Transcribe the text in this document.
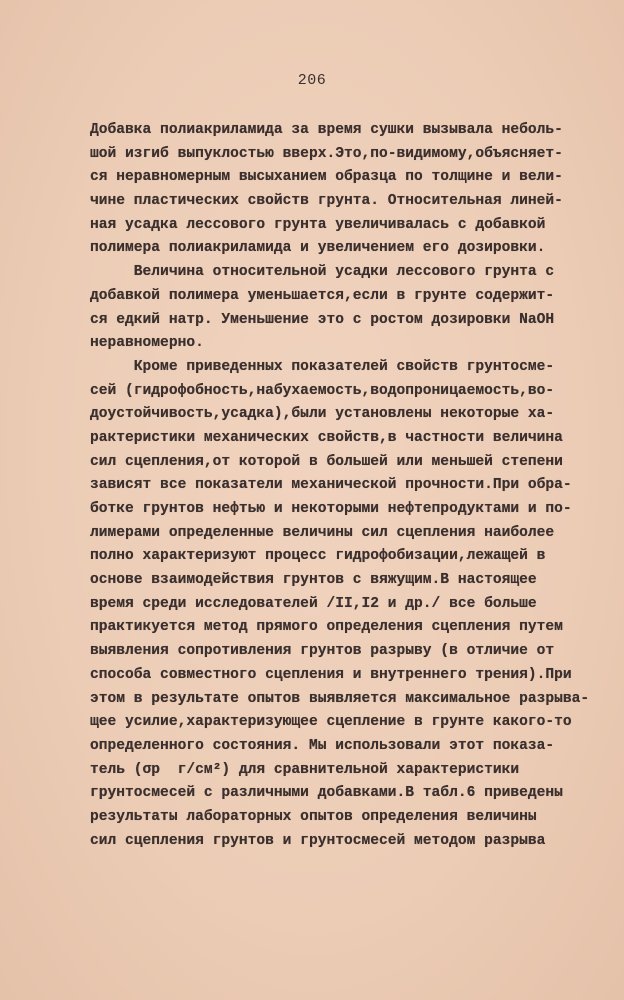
206
Добавка полиакриламида за время сушки вызывала неболь-
шой изгиб выпуклостью вверх.Это,по-видимому,объясняет-
ся неравномерным высыханием образца по толщине и вели-
чине пластических свойств грунта. Относительная линей-
ная усадка лессового грунта увеличивалась с добавкой
полимера полиакриламида и увеличением его дозировки.
Величина относительной усадки лессового грунта с
добавкой полимера уменьшается,если в грунте содержит-
ся едкий натр. Уменьшение это с ростом дозировки NaOH
неравномерно.
Кроме приведенных показателей свойств грунтосме-
сей (гидрофобность,набухаемость,водопроницаемость,во-
доустойчивость,усадка),были установлены некоторые ха-
рактеристики механических свойств,в частности величина
сил сцепления,от которой в большей или меньшей степени
зависят все показатели механической прочности.При обра-
ботке грунтов нефтью и некоторыми нефтепродуктами и по-
лимерами определенные величины сил сцепления наиболее
полно характеризуют процесс гидрофобизации,лежащей в
основе взаимодействия грунтов с вяжущим.В настоящее
время среди исследователей /II,I2 и др./ все больше
практикуется метод прямого определения сцепления путем
выявления сопротивления грунтов разрыву (в отличие от
способа совместного сцепления и внутреннего трения).При
этом в результате опытов выявляется максимальное разрыва-
щее усилие,характеризующее сцепление в грунте какого-то
определенного состояния. Мы использовали этот показа-
тель (σр  г/см²) для сравнительной характеристики
грунтосмесей с различными добавками.В табл.6 приведены
результаты лабораторных опытов определения величины
сил сцепления грунтов и грунтосмесей методом разрыва
